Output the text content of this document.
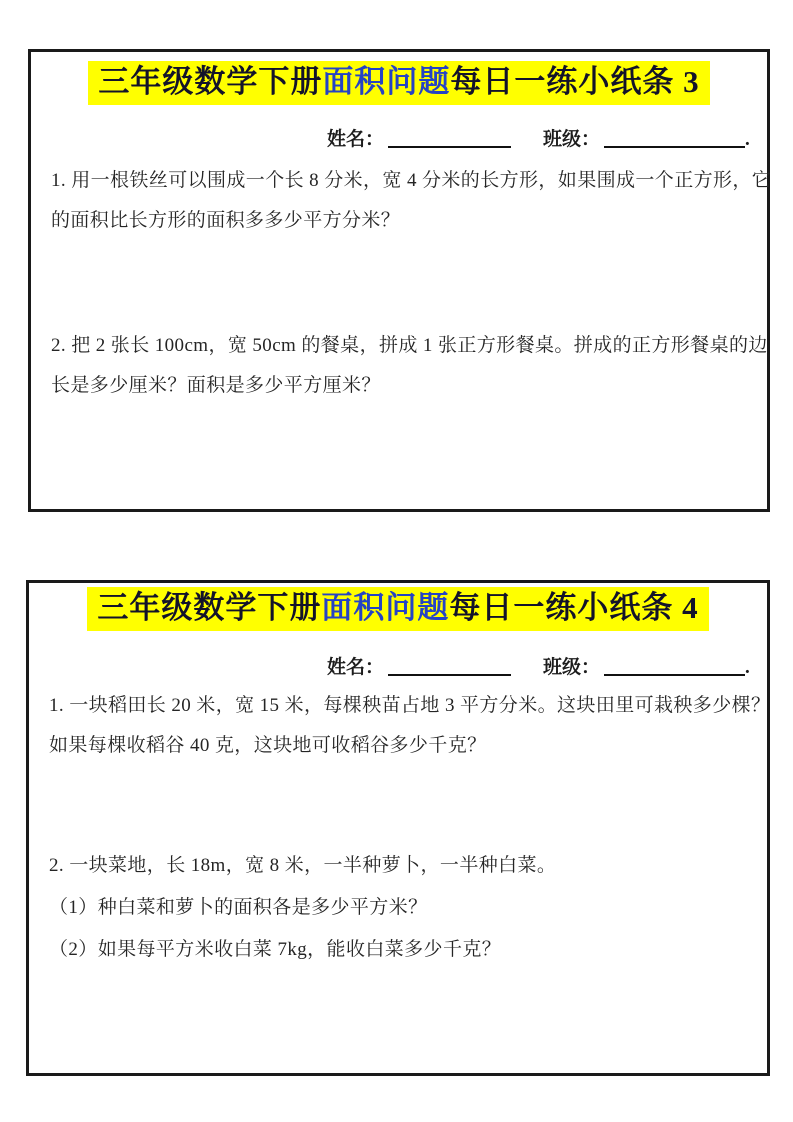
三年级数学下册面积问题每日一练小纸条 3
姓名：	班级：	.
1. 用一根铁丝可以围成一个长 8 分米，宽 4 分米的长方形，如果围成一个正方形，它
的面积比长方形的面积多多少平方分米？
2. 把 2 张长 100cm，宽 50cm 的餐桌，拼成 1 张正方形餐桌。拼成的正方形餐桌的边
长是多少厘米？面积是多少平方厘米？
三年级数学下册面积问题每日一练小纸条 4
姓名：	班级：	.
1. 一块稻田长 20 米，宽 15 米，每棵秧苗占地 3 平方分米。这块田里可栽秧多少棵？
如果每棵收稻谷 40 克，这块地可收稻谷多少千克？
2. 一块菜地，长 18m，宽 8 米，一半种萝卜，一半种白菜。
（1）种白菜和萝卜的面积各是多少平方米？
（2）如果每平方米收白菜 7kg，能收白菜多少千克？
